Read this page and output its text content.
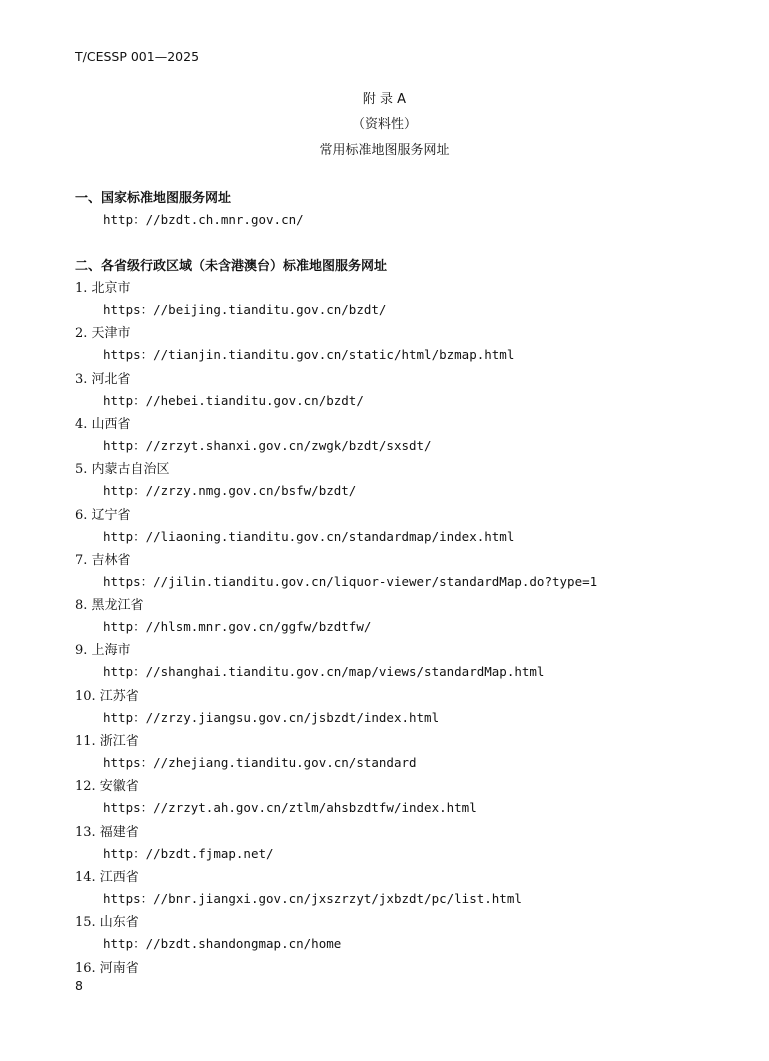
T/CESSP 001—2025
附 录 A
（资料性）
常用标准地图服务网址
一、国家标准地图服务网址
http：//bzdt.ch.mnr.gov.cn/
二、各省级行政区域（未含港澳台）标准地图服务网址
1. 北京市
https：//beijing.tianditu.gov.cn/bzdt/
2. 天津市
https：//tianjin.tianditu.gov.cn/static/html/bzmap.html
3. 河北省
http：//hebei.tianditu.gov.cn/bzdt/
4. 山西省
http：//zrzyt.shanxi.gov.cn/zwgk/bzdt/sxsdt/
5. 内蒙古自治区
http：//zrzy.nmg.gov.cn/bsfw/bzdt/
6. 辽宁省
http：//liaoning.tianditu.gov.cn/standardmap/index.html
7. 吉林省
https：//jilin.tianditu.gov.cn/liquor-viewer/standardMap.do?type=1
8. 黑龙江省
http：//hlsm.mnr.gov.cn/ggfw/bzdtfw/
9. 上海市
http：//shanghai.tianditu.gov.cn/map/views/standardMap.html
10. 江苏省
http：//zrzy.jiangsu.gov.cn/jsbzdt/index.html
11. 浙江省
https：//zhejiang.tianditu.gov.cn/standard
12. 安徽省
https：//zrzyt.ah.gov.cn/ztlm/ahsbzdtfw/index.html
13. 福建省
http：//bzdt.fjmap.net/
14. 江西省
https：//bnr.jiangxi.gov.cn/jxszrzyt/jxbzdt/pc/list.html
15. 山东省
http：//bzdt.shandongmap.cn/home
16. 河南省
8
